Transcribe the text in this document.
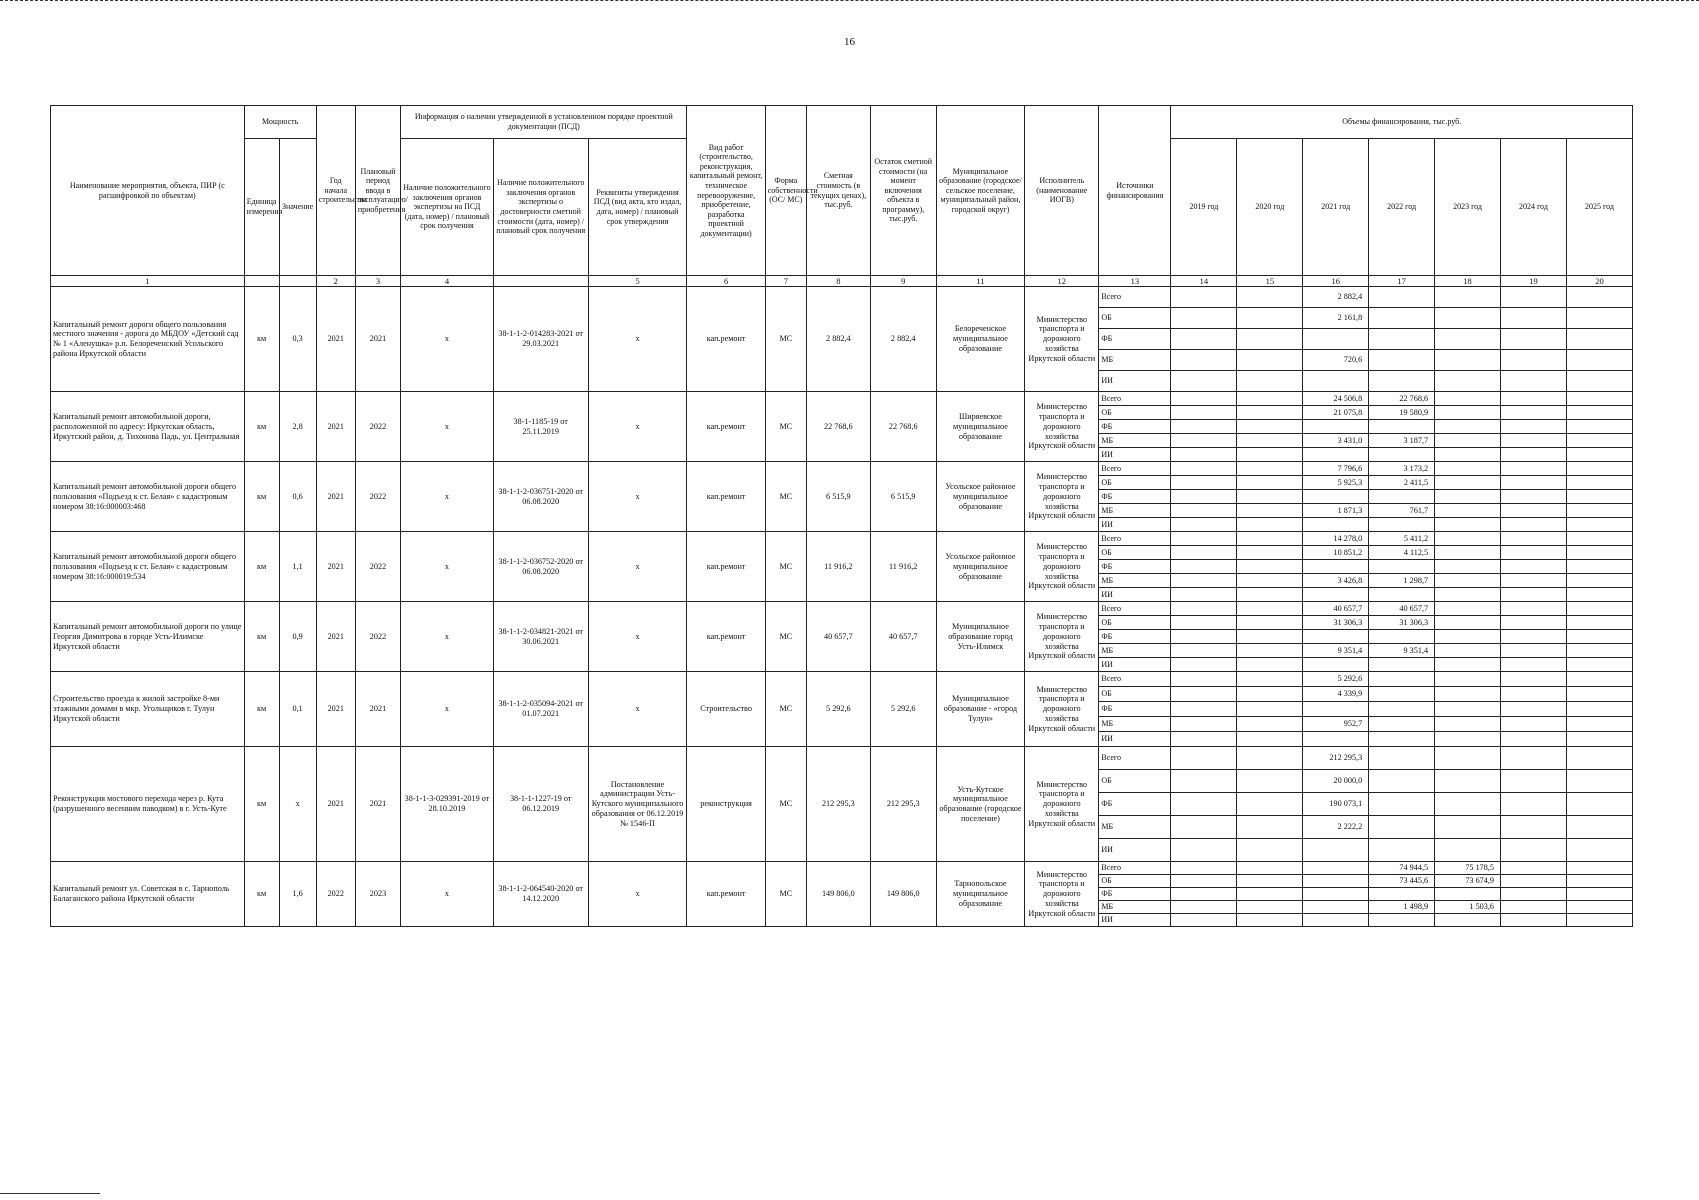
16
Наименование мероприятия, объекта, ПИР (с расшифровкой по объектам)	Мощность		Год начала строительства	Плановый период ввода в эксплуатацию/приобретения	Информация о наличии утвержденной в установленном порядке проектной документации (ПСД)			Вид работ (строительство, реконструкция, капитальный ремонт, техническое перевооружение, приобретение, разработка проектной документации)	Форма собственности (ОС/ МС)	Сметная стоимость (в текущих ценах), тыс.руб.	Остаток сметной стоимости (на момент включения объекта в программу), тыс.руб.	Муниципальное образование (городское/сельское поселение, муниципальный район, городской округ)	Исполнитель (наименование ИОГВ)	Источники финансирования	Объемы финансирования, тыс.руб.						
	Единица измерения	Значение			Наличие положительного заключения органов экспертизы на ПСД (дата, номер) / плановый срок получения	Наличие положительного заключения органов экспертизы о достоверности сметной стоимости (дата, номер) / плановый срок получения	Реквизиты утверждения ПСД (вид акта, кто издал, дата, номер) / плановый срок утверждения								2019 год	2020 год	2021 год	2022 год	2023 год	2024 год	2025 год
1			2	3	4		5	6	7	8	9	11	12	13	14	15	16	17	18	19	20
Капитальный ремонт дороги общего пользования местного значения - дорога до МБДОУ «Детский сад № 1 «Аленушка» р.п. Белореченский Усольского района Иркутской области	км	0,3	2021	2021	х	38-1-1-2-014283-2021 от 29.03.2021	х	кап.ремонт	МС	2 882,4	2 882,4	Белореченское муниципальное образование	Министерство транспорта и дорожного хозяйства Иркутской области	Всего			2 882,4				
														ОБ			2 161,8				
														ФБ							
														МБ			720,6				
														ИИ							
Капитальный ремонт автомобильной дороги, расположенной по адресу: Иркутская область, Иркутский район, д. Тихонова Падь, ул. Центральная	км	2,8	2021	2022	х	38-1-1185-19 от 25.11.2019	х	кап.ремонт	МС	22 768,6	22 768,6	Ширяевское муниципальное образование	Министерство транспорта и дорожного хозяйства Иркутской области	Всего			24 506,8	22 768,6			
														ОБ			21 075,8	19 580,9			
														ФБ							
														МБ			3 431,0	3 187,7			
														ИИ							
Капитальный ремонт автомобильной дороги общего пользования «Подъезд к ст. Белая» с кадастровым номером 38:16:000003:468	км	0,6	2021	2022	х	38-1-1-2-036751-2020 от 06.08.2020	х	кап.ремонт	МС	6 515,9	6 515,9	Усольское районное муниципальное образование	Министерство транспорта и дорожного хозяйства Иркутской области	Всего			7 796,6	3 173,2			
														ОБ			5 925,3	2 411,5			
														ФБ							
														МБ			1 871,3	761,7			
														ИИ							
Капитальный ремонт автомобильной дороги общего пользования «Подъезд к ст. Белая» с кадастровым номером 38:16:000019:534	км	1,1	2021	2022	х	38-1-1-2-036752-2020 от 06.08.2020	х	кап.ремонт	МС	11 916,2	11 916,2	Усольское районное муниципальное образование	Министерство транспорта и дорожного хозяйства Иркутской области	Всего			14 278,0	5 411,2			
														ОБ			10 851,2	4 112,5			
														ФБ							
														МБ			3 426,8	1 298,7			
														ИИ							
Капитальный ремонт автомобильной дороги по улице Георгия Димитрова в городе Усть-Илимске Иркутской области	км	0,9	2021	2022	х	38-1-1-2-034821-2021 от 30.06.2021	х	кап.ремонт	МС	40 657,7	40 657,7	Муниципальное образование город Усть-Илимск	Министерство транспорта и дорожного хозяйства Иркутской области	Всего			40 657,7	40 657,7			
														ОБ			31 306,3	31 306,3			
														ФБ							
														МБ			9 351,4	9 351,4			
														ИИ							
Строительство проезда к жилой застройке 8-ми этажными домами в мкр. Угольщиков г. Тулун Иркутской области	км	0,1	2021	2021	х	38-1-1-2-035094-2021 от 01.07.2021	х	Строительство	МС	5 292,6	5 292,6	Муниципальное образование - «город Тулун»	Министерство транспорта и дорожного хозяйства Иркутской области	Всего			5 292,6				
														ОБ			4 339,9				
														ФБ							
														МБ			952,7				
														ИИ							
Реконструкция мостового перехода через р. Кута (разрушенного весенним паводком) в г. Усть-Куте	км	х	2021	2021	38-1-1-3-029391-2019 от 28.10.2019	38-1-1-1227-19 от 06.12.2019	Постановление администрации Усть-Кутского муниципального образования от 06.12.2019 № 1546-П	реконструкция	МС	212 295,3	212 295,3	Усть-Кутское муниципальное образование (городское поселение)	Министерство транспорта и дорожного хозяйства Иркутской области	Всего			212 295,3				
														ОБ			20 000,0				
														ФБ			190 073,1				
														МБ			2 222,2				
														ИИ							
Капитальный ремонт ул. Советская в с. Тарнополь Балаганского района Иркутской области	км	1,6	2022	2023	х	38-1-1-2-064540-2020 от 14.12.2020	х	кап.ремонт	МС	149 806,0	149 806,0	Тарнопольское муниципальное образование	Министерство транспорта и дорожного хозяйства Иркутской области	Всего				74 944,5	75 178,5		
														ОБ				73 445,6	73 674,9		
														ФБ							
														МБ				1 498,9	1 503,6		
														ИИ							
